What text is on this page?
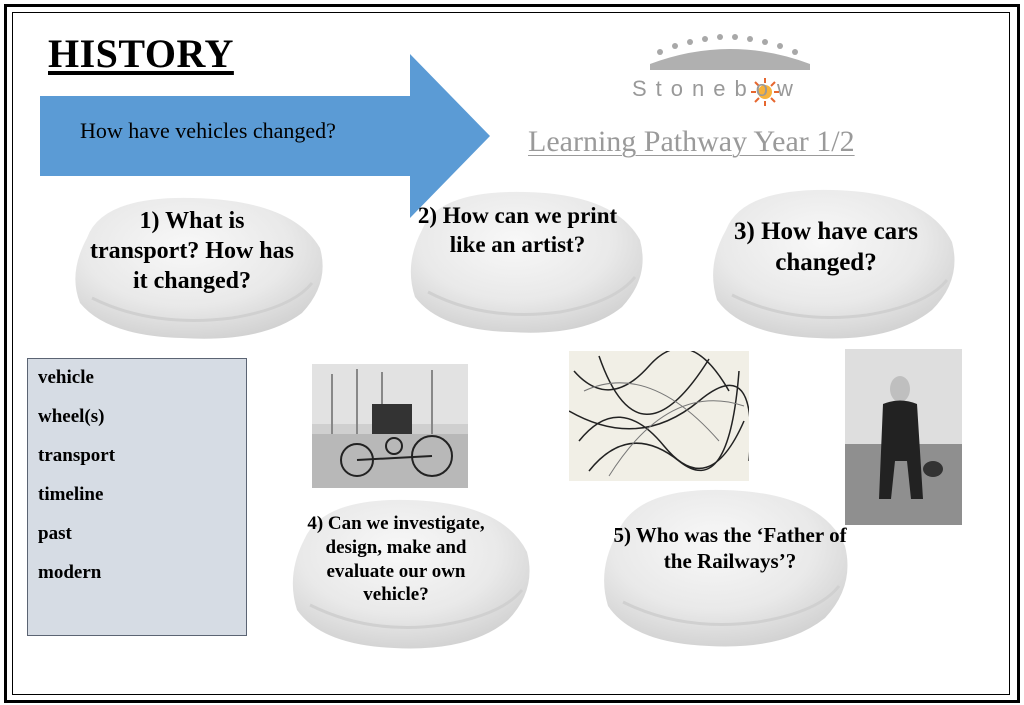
HISTORY
How have vehicles changed?
Stonebow
Learning Pathway Year 1/2
1) What is transport? How has it changed?
2) How can we print like an artist?	3) How have cars changed?
vehicle
wheel(s)
transport
timeline
past
modern
4) Can we investigate, design, make and evaluate our own vehicle?
5) Who was the ‘Father of the Railways’?
